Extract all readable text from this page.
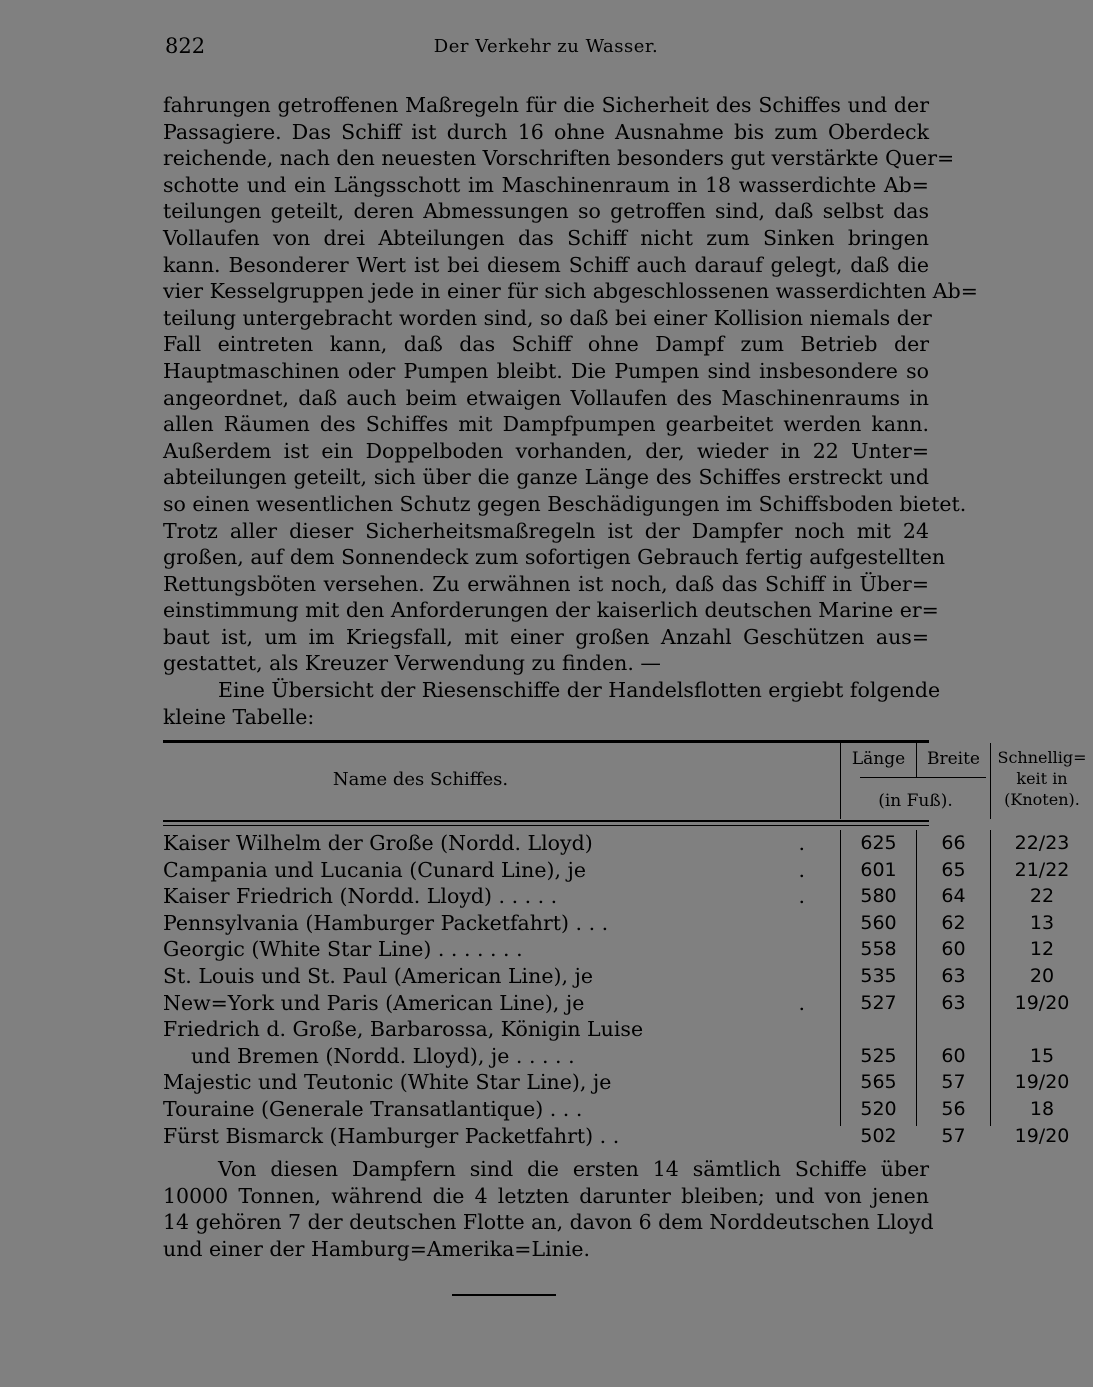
822	Der Verkehr zu Wasser.
fahrungen getroffenen Maßregeln für die Sicherheit des Schiffes und der
Passagiere. Das Schiff ist durch 16 ohne Ausnahme bis zum Oberdeck
reichende, nach den neuesten Vorschriften besonders gut verstärkte Quer=
schotte und ein Längsschott im Maschinenraum in 18 wasserdichte Ab=
teilungen geteilt, deren Abmessungen so getroffen sind, daß selbst das
Vollaufen von drei Abteilungen das Schiff nicht zum Sinken bringen
kann. Besonderer Wert ist bei diesem Schiff auch darauf gelegt, daß die
vier Kesselgruppen jede in einer für sich abgeschlossenen wasserdichten Ab=
teilung untergebracht worden sind, so daß bei einer Kollision niemals der
Fall eintreten kann, daß das Schiff ohne Dampf zum Betrieb der
Hauptmaschinen oder Pumpen bleibt. Die Pumpen sind insbesondere so
angeordnet, daß auch beim etwaigen Vollaufen des Maschinenraums in
allen Räumen des Schiffes mit Dampfpumpen gearbeitet werden kann.
Außerdem ist ein Doppelboden vorhanden, der, wieder in 22 Unter=
abteilungen geteilt, sich über die ganze Länge des Schiffes erstreckt und
so einen wesentlichen Schutz gegen Beschädigungen im Schiffsboden bietet.
Trotz aller dieser Sicherheitsmaßregeln ist der Dampfer noch mit 24
großen, auf dem Sonnendeck zum sofortigen Gebrauch fertig aufgestellten
Rettungsböten versehen. Zu erwähnen ist noch, daß das Schiff in Über=
einstimmung mit den Anforderungen der kaiserlich deutschen Marine er=
baut ist, um im Kriegsfall, mit einer großen Anzahl Geschützen aus=
gestattet, als Kreuzer Verwendung zu finden. —
Eine Übersicht der Riesenschiffe der Handelsflotten ergiebt folgende
kleine Tabelle:
Name des Schiffes.
Länge	Breite
(in Fuß).
Schnellig=
keit in
(Knoten).
Kaiser Wilhelm der Große (Nordd. Lloyd)	.	625	66	22/23
Campania und Lucania (Cunard Line), je	.	601	65	21/22
Kaiser Friedrich (Nordd. Lloyd) . . . . .	.	580	64	22
Pennsylvania (Hamburger Packetfahrt) . . .	560	62	13
Georgic (White Star Line) . . . . . . .	558	60	12
St. Louis und St. Paul (American Line), je	535	63	20
New=York und Paris (American Line), je	.	527	63	19/20
Friedrich d. Große, Barbarossa, Königin Luise
und Bremen (Nordd. Lloyd), je . . . . .	525	60	15
Majestic und Teutonic (White Star Line), je	565	57	19/20
Touraine (Generale Transatlantique) . . .	520	56	18
Fürst Bismarck (Hamburger Packetfahrt) . .	502	57	19/20
Von diesen Dampfern sind die ersten 14 sämtlich Schiffe über
10000 Tonnen, während die 4 letzten darunter bleiben; und von jenen
14 gehören 7 der deutschen Flotte an, davon 6 dem Norddeutschen Lloyd
und einer der Hamburg=Amerika=Linie.
